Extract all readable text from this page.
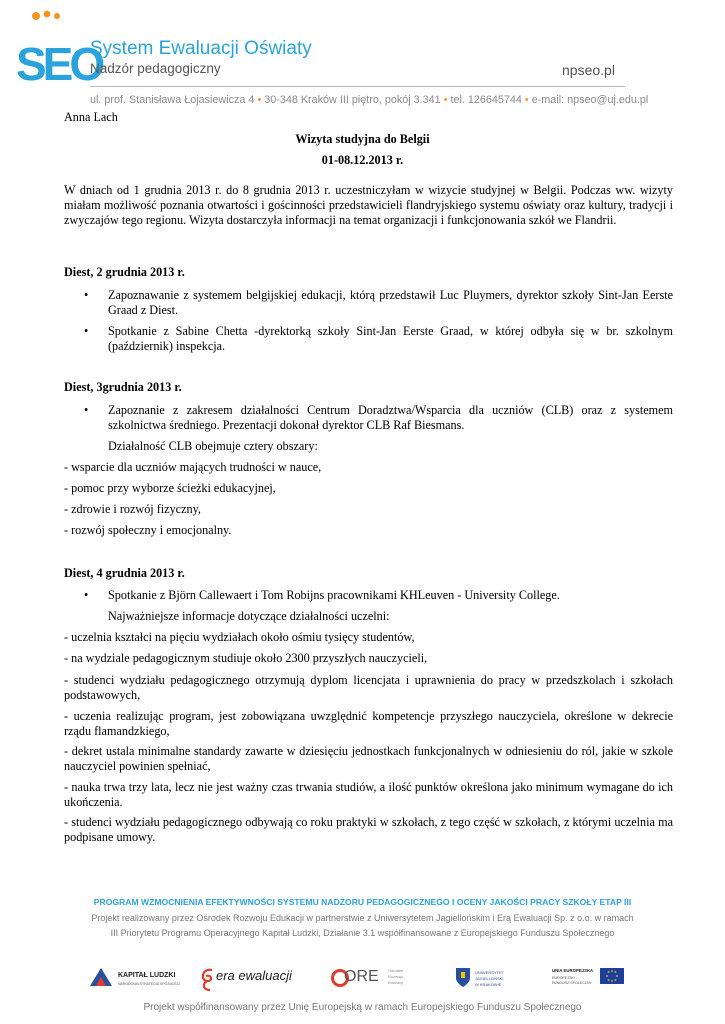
SEO
System Ewaluacji Oświaty
Nadzór pedagogiczny	npseo.pl
ul. prof. Stanisława Łojasiewicza 4 • 30-348 Kraków III piętro, pokój 3.341 • tel. 126645744 • e-mail: npseo@uj.edu.pl
Anna Lach
Wizyta studyjna do Belgii
01-08.12.2013 r.
W dniach od 1 grudnia 2013 r. do 8 grudnia 2013 r. uczestniczyłam w wizycie studyjnej w Belgii. Podczas ww. wizyty miałam możliwość poznania otwartości i gościnności przedstawicieli flandryjskiego systemu oświaty oraz kultury, tradycji i zwyczajów tego regionu. Wizyta dostarczyła informacji na temat organizacji i funkcjonowania szkół we Flandrii.
Diest, 2 grudnia 2013 r.
• Zapoznawanie z systemem belgijskiej edukacji, którą przedstawił Luc Pluymers, dyrektor szkoły Sint-Jan Eerste Graad z Diest.
• Spotkanie z Sabine Chetta -dyrektorką szkoły Sint-Jan Eerste Graad, w której odbyła się w br. szkolnym (październik) inspekcja.
Diest, 3grudnia 2013 r.
• Zapoznanie z zakresem działalności Centrum Doradztwa/Wsparcia dla uczniów (CLB) oraz z systemem szkolnictwa średniego. Prezentacji dokonał dyrektor CLB Raf Biesmans.
Działalność CLB obejmuje cztery obszary:
- wsparcie dla uczniów mających trudności w nauce,
- pomoc przy wyborze ścieżki edukacyjnej,
- zdrowie i rozwój fizyczny,
- rozwój społeczny i emocjonalny.
Diest, 4 grudnia 2013 r.
• Spotkanie z Björn Callewaert i Tom Robijns pracownikami KHLeuven - University College.
Najważniejsze informacje dotyczące działalności uczelni:
- uczelnia kształci na pięciu wydziałach około ośmiu tysięcy studentów,
- na wydziale pedagogicznym studiuje około 2300 przyszłych nauczycieli,
- studenci wydziału pedagogicznego otrzymują dyplom licencjata i uprawnienia do pracy w przedszkolach i szkołach podstawowych,
- uczenia realizując program, jest zobowiązana uwzględnić kompetencje przyszłego nauczyciela, określone w dekrecie rządu flamandzkiego,
- dekret ustala minimalne standardy zawarte w dziesięciu jednostkach funkcjonalnych w odniesieniu do ról, jakie w szkole nauczyciel powinien spełniać,
- nauka trwa trzy lata, lecz nie jest ważny czas trwania studiów, a ilość punktów określona jako minimum wymagane do ich ukończenia.
- studenci wydziału pedagogicznego odbywają co roku praktyki w szkołach, z tego część w szkołach, z którymi uczelnia ma podpisane umowy.
PROGRAM WZMOCNIENIA EFEKTYWNOŚCI SYSTEMU NADZORU PEDAGOGICZNEGO I OCENY JAKOŚCI PRACY SZKOŁY ETAP III
Projekt realizowany przez Ośrodek Rozwoju Edukacji w partnerstwie z Uniwersytetem Jagiellońskim i Erą Ewaluacji Sp. z o.o. w ramach
III Priorytetu Programu Operacyjnego Kapitał Ludzki, Działanie 3.1 współfinansowane z Europejskiego Funduszu Społecznego
KAPITAŁ LUDZKI
NARODOWA STRATEGIA SPÓJNOŚCI
era ewaluacji	ORE Ośrodek
Rozwoju
Edukacji
UNIWERSYTET
JAGIELLOŃSKI
W KRAKOWIE
UNIA EUROPEJSKA
EUROPEJSKI
FUNDUSZ SPOŁECZNY
Projekt współfinansowany przez Unię Europejską w ramach Europejskiego Funduszu Społecznego
